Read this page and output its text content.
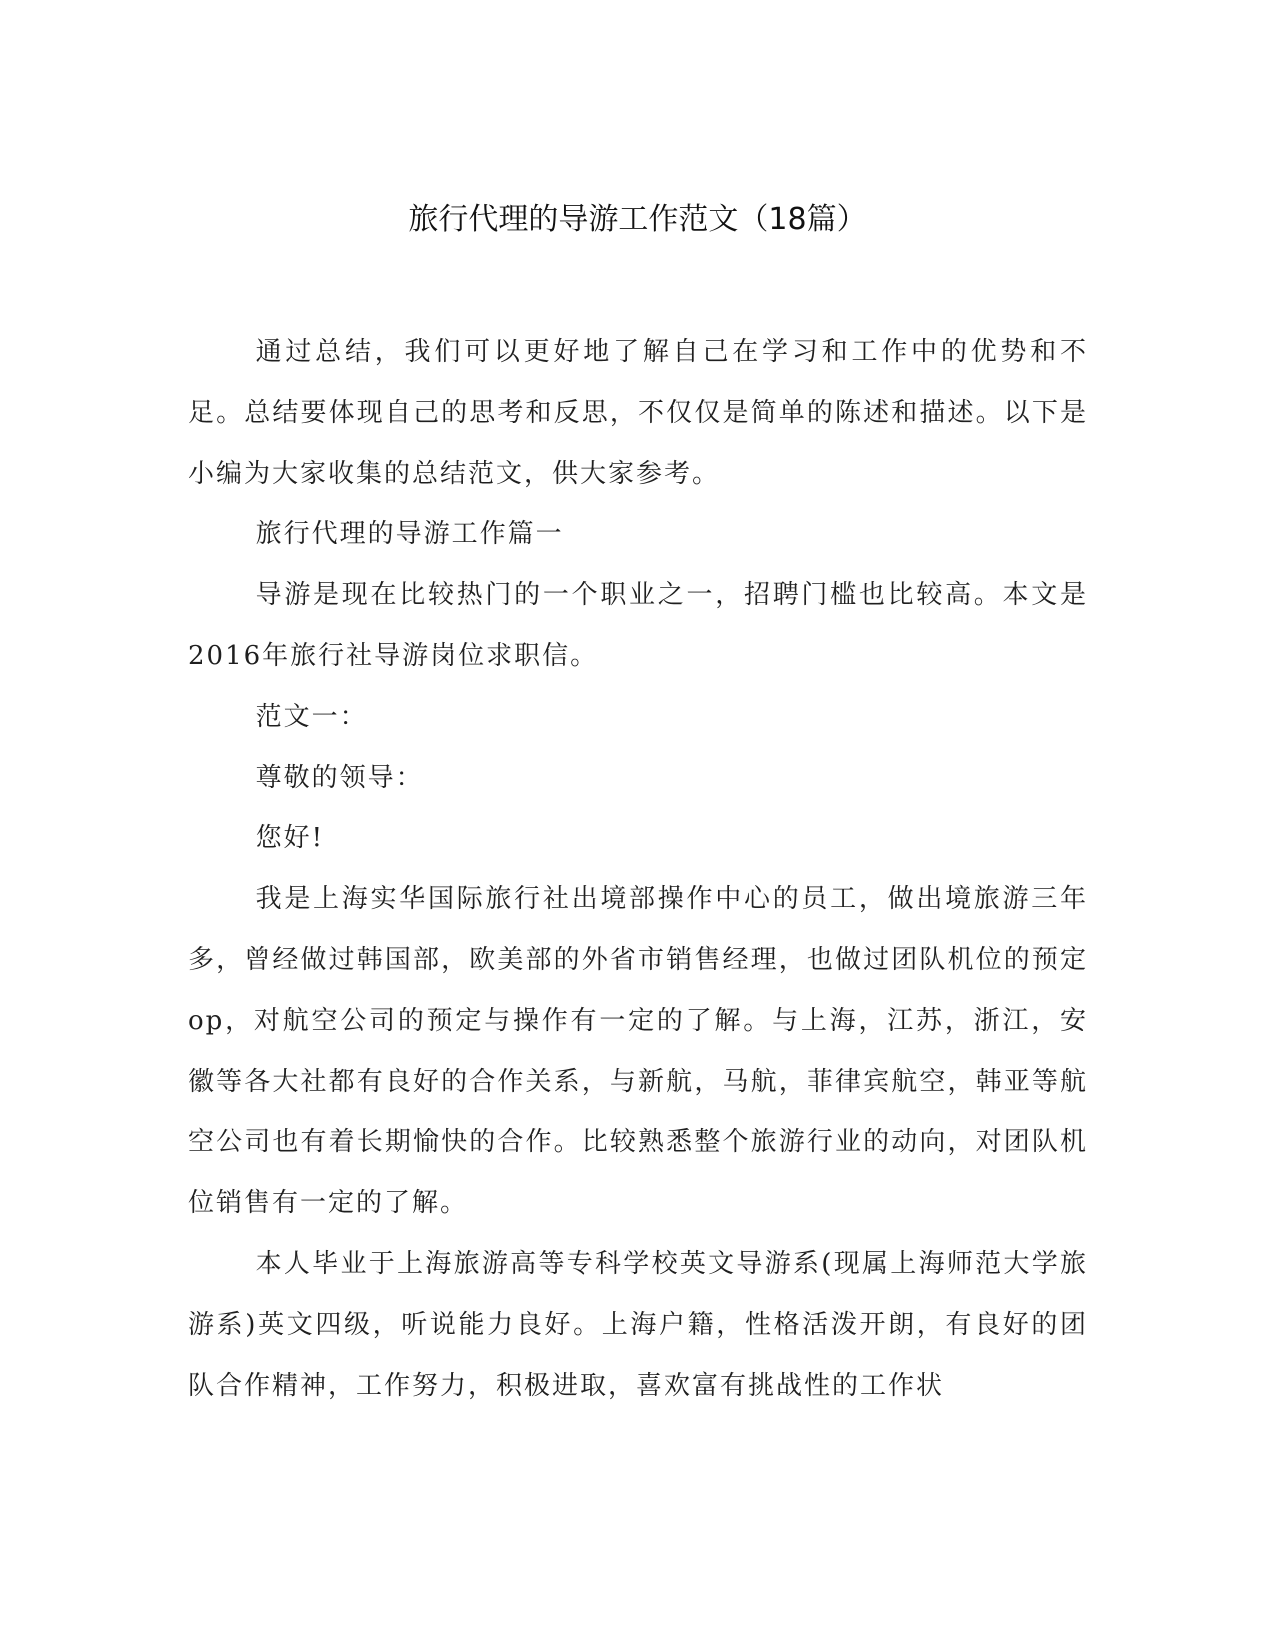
旅行代理的导游工作范文（18篇）

通过总结，我们可以更好地了解自己在学习和工作中的优势和不足。总结要体现自己的思考和反思，不仅仅是简单的陈述和描述。以下是小编为大家收集的总结范文，供大家参考。

旅行代理的导游工作篇一

导游是现在比较热门的一个职业之一，招聘门槛也比较高。本文是2016年旅行社导游岗位求职信。

范文一：

尊敬的领导：

您好!

我是上海实华国际旅行社出境部操作中心的员工，做出境旅游三年多，曾经做过韩国部，欧美部的外省市销售经理，也做过团队机位的预定op，对航空公司的预定与操作有一定的了解。与上海，江苏，浙江，安徽等各大社都有良好的合作关系，与新航，马航，菲律宾航空，韩亚等航空公司也有着长期愉快的合作。比较熟悉整个旅游行业的动向，对团队机位销售有一定的了解。

本人毕业于上海旅游高等专科学校英文导游系(现属上海师范大学旅游系)英文四级，听说能力良好。上海户籍，性格活泼开朗，有良好的团队合作精神，工作努力，积极进取，喜欢富有挑战性的工作状
